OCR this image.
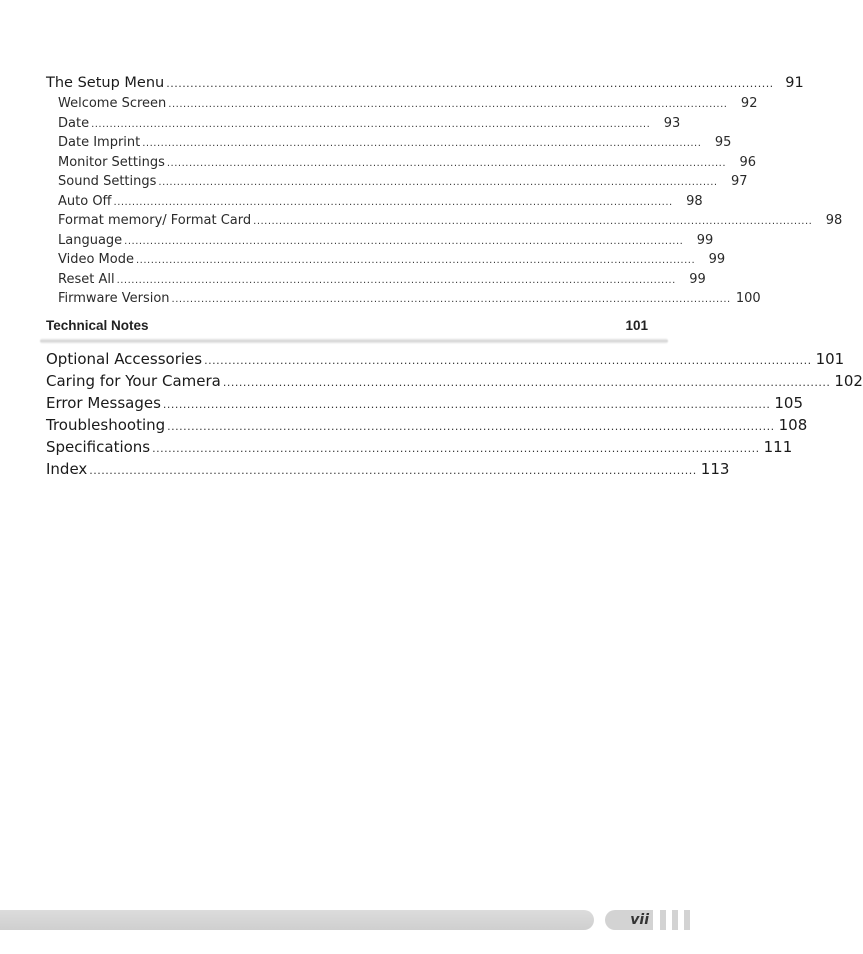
The Setup Menu ........................................................................................................................................................ 91
Welcome Screen ........................................................................................................................................................	92
Date ........................................................................................................................................................	93
Date Imprint ........................................................................................................................................................	95
Monitor Settings ........................................................................................................................................................	96
Sound Settings ........................................................................................................................................................	97
Auto Off ........................................................................................................................................................	98
Format memory/ Format Card ........................................................................................................................................................	98
Language ........................................................................................................................................................	99
Video Mode ........................................................................................................................................................	99
Reset All ........................................................................................................................................................	99
Firmware Version ........................................................................................................................................................ 100
Technical Notes	101
Optional Accessories ........................................................................................................................................................ 101
Caring for Your Camera ........................................................................................................................................................ 102
Error Messages ........................................................................................................................................................ 105
Troubleshooting ........................................................................................................................................................ 108
Specifications ........................................................................................................................................................ 111
Index ........................................................................................................................................................ 113
vii
